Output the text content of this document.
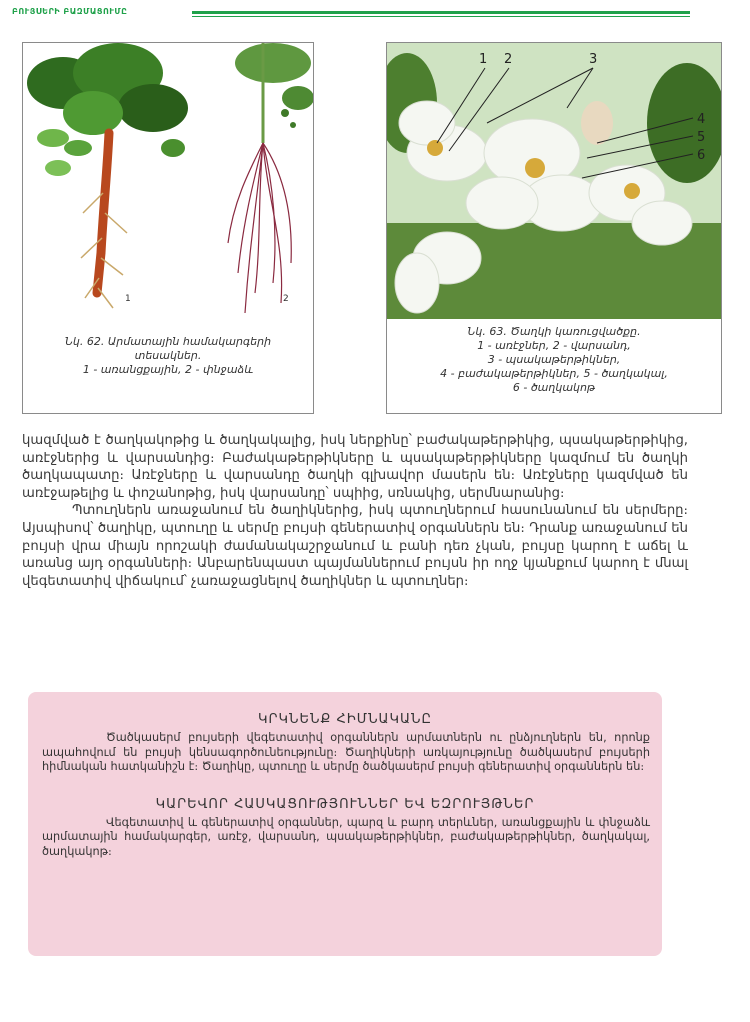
ԲՈՒՅՍԵՐԻ ԲԱԶՄԱՑՈՒՄԸ
1	2
Նկ. 62. Արմատային համակարգերի
տեսակներ.
1 - առանցքային, 2 - փնջաձև
1 2	3
4
5
6
Նկ. 63. Ծաղկի կառուցվածքը.
1 - առէջներ, 2 - վարսանդ,
3 - պսակաթերթիկներ,
4 - բաժակաթերթիկներ, 5 - ծաղկակալ,
6 - ծաղկակոթ

կազմված է ծաղկակոթից և ծաղկակալից, իսկ ներքինը՝ բաժակաթերթիկից, պսակաթերթիկից, առէջներից և վարսանդից։ Բաժակաթերթիկները և պսակաթերթիկները կազմում են ծաղկի ծաղկապատը։ Առէջները և վարսանդը ծաղկի գլխավոր մասերն են։ Առէջները կազմված են առէջաթելից և փոշանոթից, իսկ վարսանդը՝ սպիից, սռնակից, սերմնարանից։

Պտուղներն առաջանում են ծաղիկներից, իսկ պտուղներում հասունանում են սերմերը։ Այսպիսով՝ ծաղիկը, պտուղը և սերմը բույսի գեներատիվ օրգաններն են։ Դրանք առաջանում են բույսի վրա միայն որոշակի ժամանակաշրջանում և բանի դեռ չկան, բույսը կարող է աճել և առանց այդ օրգանների։ Անբարենպաստ պայմաններում բույսն իր ողջ կյանքում կարող է մնալ վեգետատիվ վիճակում՝ չառաջացնելով ծաղիկներ և պտուղներ։

ԿՐԿՆԵՆՔ ՀԻՄՆԱԿԱՆԸ
Ծածկասերմ բույսերի վեգետատիվ օրգաններն արմատներն ու ընձյուղներն են, որոնք ապահովում են բույսի կենսագործունեությունը։ Ծաղիկների առկայությունը ծածկասերմ բույսերի հիմնական հատկանիշն է։ Ծաղիկը, պտուղը և սերմը ծածկասերմ բույսի գեներատիվ օրգաններն են։
ԿԱՐԵՎՈՐ ՀԱՍԿԱՑՈՒԹՅՈՒՆՆԵՐ ԵՎ ԵԶՐՈՒՅԹՆԵՐ
Վեգետատիվ և գեներատիվ օրգաններ, պարզ և բարդ տերևներ, առանցքային և փնջաձև արմատային համակարգեր, առէջ, վարսանդ, պսակաթերթիկներ, բաժակաթերթիկներ, ծաղկակալ, ծաղկակոթ։
